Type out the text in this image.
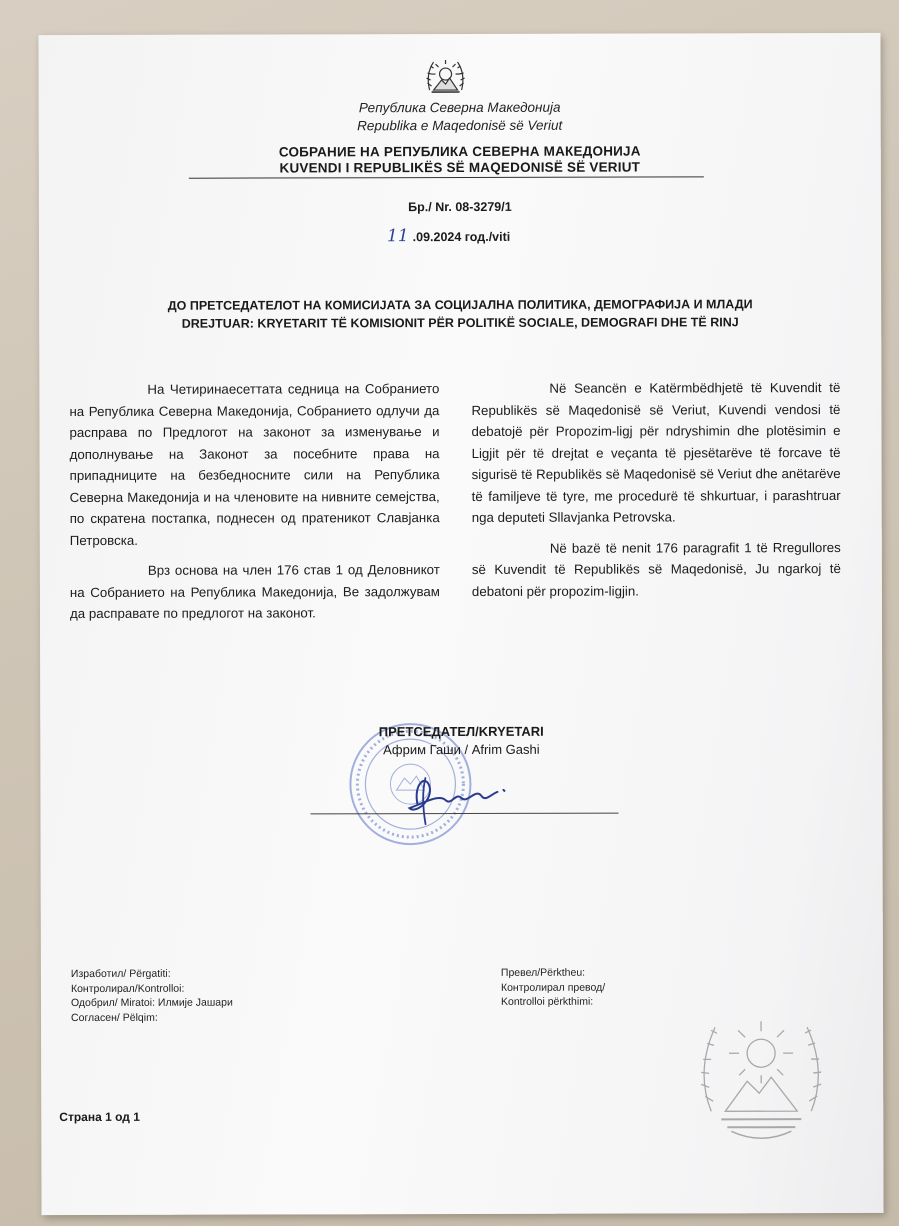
Република Северна Македонија
Republika e Maqedonisë së Veriut
СОБРАНИЕ НА РЕПУБЛИКА СЕВЕРНА МАКЕДОНИЈА
KUVENDI I REPUBLIKËS SË MAQEDONISË SË VERIUT
Бр./ Nr. 08-3279/1
11 .09.2024 год./viti
ДО ПРЕТСЕДАТЕЛОТ НА КОМИСИЈАТА ЗА СОЦИЈАЛНА ПОЛИТИКА, ДЕМОГРАФИЈА И МЛАДИ
DREJTUAR: KRYETARIT TË KOMISIONIT PËR POLITIKË SOCIALE, DEMOGRAFI DHE TË RINJ

На Четиринаесеттата седница на Собранието на Република Северна Македонија, Собранието одлучи да расправа по Предлогот на законот за изменување и дополнување на Законот за посебните права на припадниците на безбедносните сили на Република Северна Македонија и на членовите на нивните семејства, по скратена постапка, поднесен од пратеникот Славјанка Петровска.

Врз основа на член 176 став 1 од Деловникот на Собранието на Република Македонија, Ве задолжувам да расправате по предлогот на законот.

Në Seancën e Katërmbëdhjetë të Kuvendit të Republikës së Maqedonisë së Veriut, Kuvendi vendosi të debatojë për Propozim-ligj për ndryshimin dhe plotësimin e Ligjit për të drejtat e veçanta të pjesëtarëve të forcave të sigurisë të Republikës së Maqedonisë së Veriut dhe anëtarëve të familjeve të tyre, me procedurë të shkurtuar, i parashtruar nga deputeti Sllavjanka Petrovska.

Në bazë të nenit 176 paragrafit 1 të Rregullores së Kuvendit të Republikës së Maqedonisë, Ju ngarkoj të debatoni për propozim-ligjin.

ПРЕТСЕДАТЕЛ/KRYETARI
Африм Гаши / Afrim Gashi
Изработил/ Përgatiti:
Контролирал/Kontrolloi:
Одобрил/ Miratoi: Илмије Јашари
Согласен/ Pëlqim:
Превел/Përktheu:
Контролирал превод/
Kontrolloi përkthimi:
Страна 1 од 1
